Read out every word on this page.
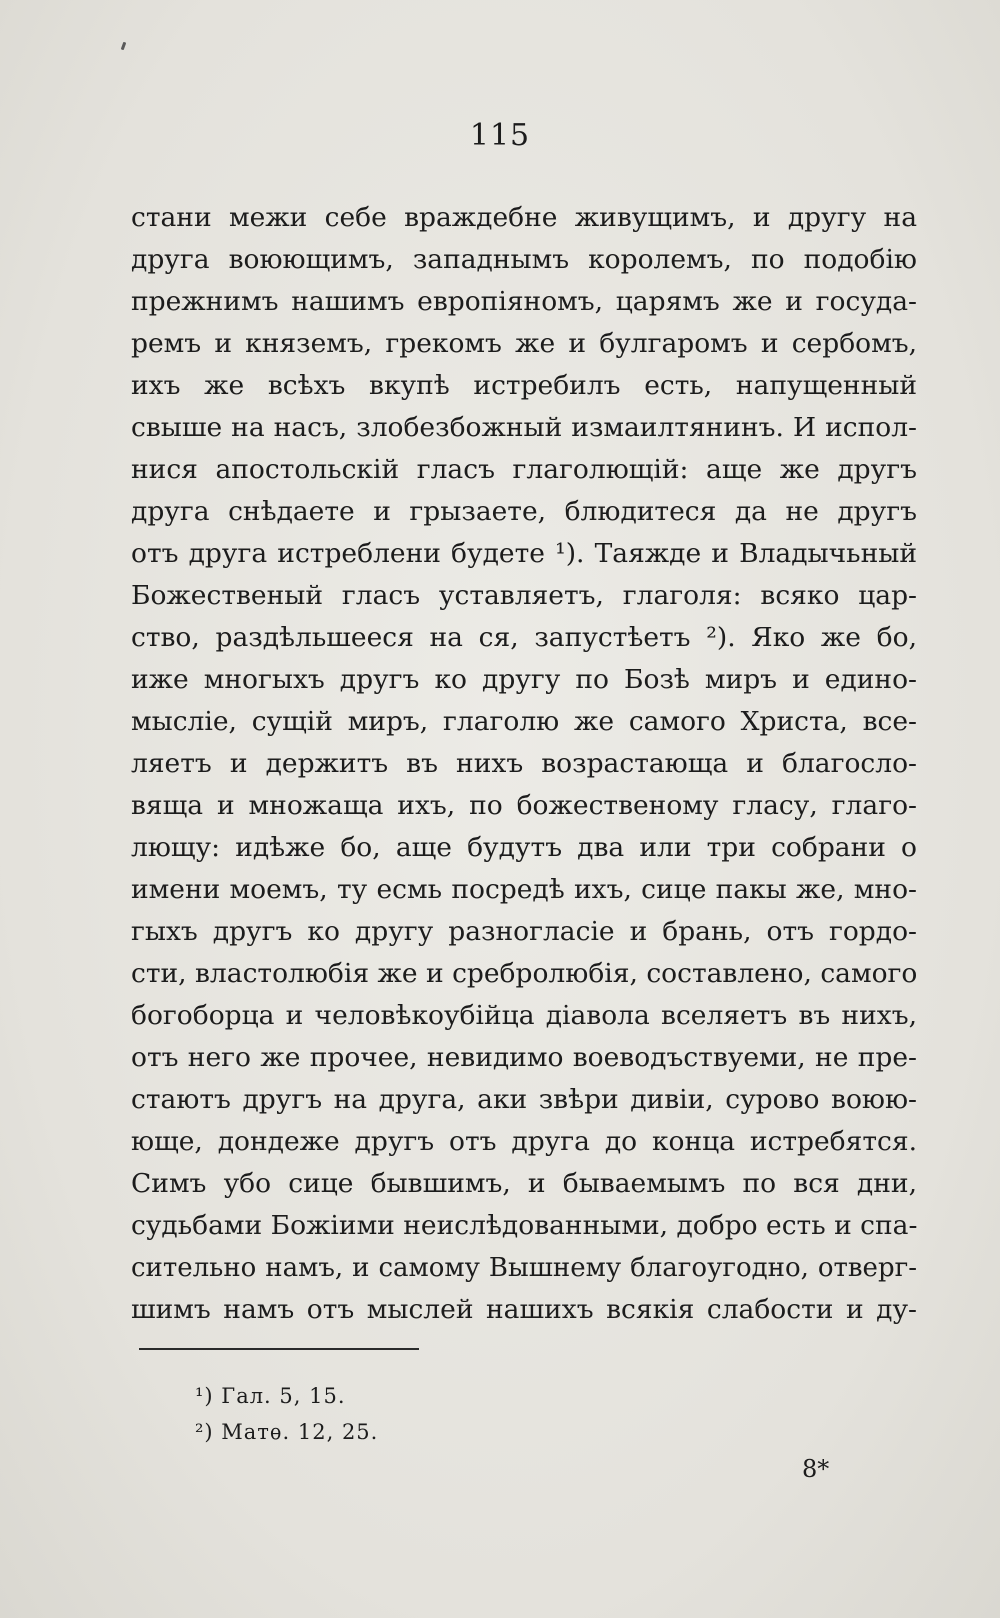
115
стани межи себе враждебне живущимъ, и другу на
друга воюющимъ, западнымъ королемъ, по подобію
прежнимъ нашимъ европіяномъ, царямъ же и госуда-
ремъ и княземъ, грекомъ же и булгаромъ и сербомъ,
ихъ же всѣхъ вкупѣ истребилъ есть, напущенный
свыше на насъ, злобезбожный измаилтянинъ. И испол-
нися апостольскій гласъ глаголющій: аще же другъ
друга снѣдаете и грызаете, блюдитеся да не другъ
отъ друга истреблени будете ¹). Таяжде и Владычьный
Божественый гласъ уставляетъ, глаголя: всяко цар-
ство, раздѣльшееся на ся, запустѣетъ ²). Яко же бо,
иже многыхъ другъ ко другу по Бозѣ миръ и едино-
мысліе, сущій миръ, глаголю же самого Христа, все-
ляетъ и держитъ въ нихъ возрастающа и благосло-
вяща и множаща ихъ, по божественому гласу, глаго-
лющу: идѣже бо, аще будутъ два или три собрани о
имени моемъ, ту есмь посредѣ ихъ, сице пакы же, мно-
гыхъ другъ ко другу разногласіе и брань, отъ гордо-
сти, властолюбія же и сребролюбія, составлено, самого
богоборца и человѣкоубійца діавола вселяетъ въ нихъ,
отъ него же прочее, невидимо воеводъствуеми, не пре-
стаютъ другъ на друга, аки звѣри дивіи, сурово воюю-
юще, дондеже другъ отъ друга до конца истребятся.
Симъ убо сице бывшимъ, и бываемымъ по вся дни,
судьбами Божіими неислѣдованными, добро есть и спа-
сительно намъ, и самому Вышнему благоугодно, отверг-
шимъ намъ отъ мыслей нашихъ всякія слабости и ду-
¹) Гал. 5, 15.
²) Матѳ. 12, 25.
8*
